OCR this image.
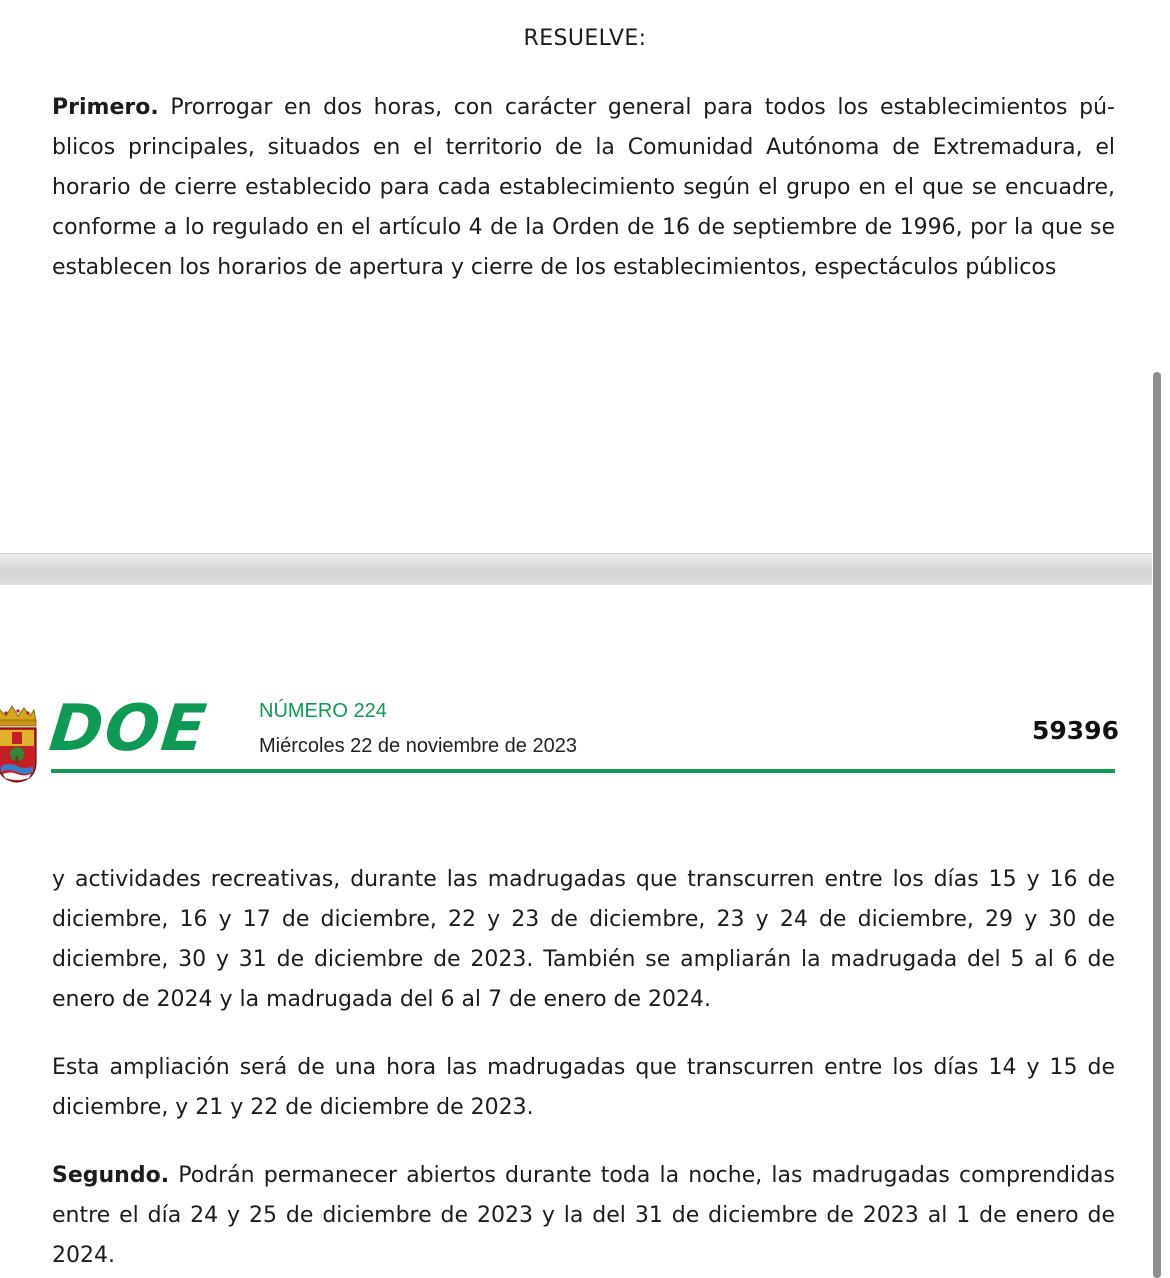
RESUELVE:

Primero. Prorrogar en dos horas, con carácter general para todos los establecimientos pú- blicos principales, situados en el territorio de la Comunidad Autónoma de Extremadura, el horario de cierre establecido para cada establecimiento según el grupo en el que se encuadre, conforme a lo regulado en el artículo 4 de la Orden de 16 de septiembre de 1996, por la que se establecen los horarios de apertura y cierre de los establecimientos, espectáculos públicos

DOE NÚMERO 224
Miércoles 22 de noviembre de 2023
59396

y actividades recreativas, durante las madrugadas que transcurren entre los días 15 y 16 de diciembre, 16 y 17 de diciembre, 22 y 23 de diciembre, 23 y 24 de diciembre, 29 y 30 de diciembre, 30 y 31 de diciembre de 2023. También se ampliarán la madrugada del 5 al 6 de enero de 2024 y la madrugada del 6 al 7 de enero de 2024.

Esta ampliación será de una hora las madrugadas que transcurren entre los días 14 y 15 de diciembre, y 21 y 22 de diciembre de 2023.

Segundo. Podrán permanecer abiertos durante toda la noche, las madrugadas comprendidas entre el día 24 y 25 de diciembre de 2023 y la del 31 de diciembre de 2023 al 1 de enero de 2024.
